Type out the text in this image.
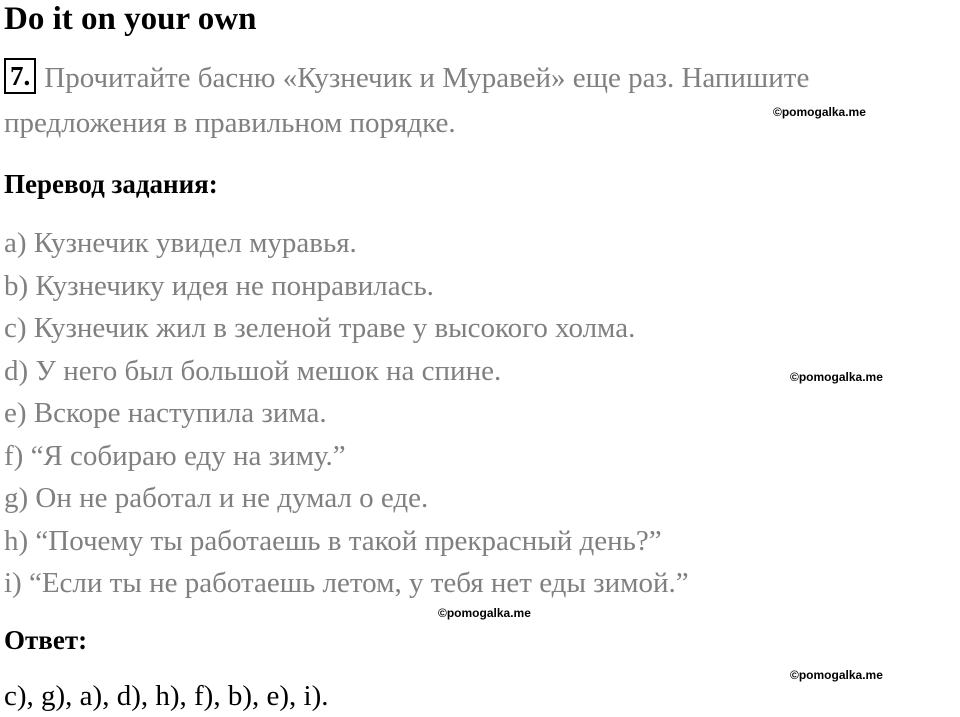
Do it on your own
7. Прочитайте басню «Кузнечик и Муравей» еще раз. Напишите предложения в правильном порядке.
Перевод задания:
a) Кузнечик увидел муравья.
b) Кузнечику идея не понравилась.
c) Кузнечик жил в зеленой траве у высокого холма.
d) У него был большой мешок на спине.
e) Вскоре наступила зима.
f) “Я собираю еду на зиму.”
g) Он не работал и не думал о еде.
h) “Почему ты работаешь в такой прекрасный день?”
i) “Если ты не работаешь летом, у тебя нет еды зимой.”
Ответ:
c), g), a), d), h), f), b), e), i).
©pomogalka.me
©pomogalka.me
©pomogalka.me
©pomogalka.me
